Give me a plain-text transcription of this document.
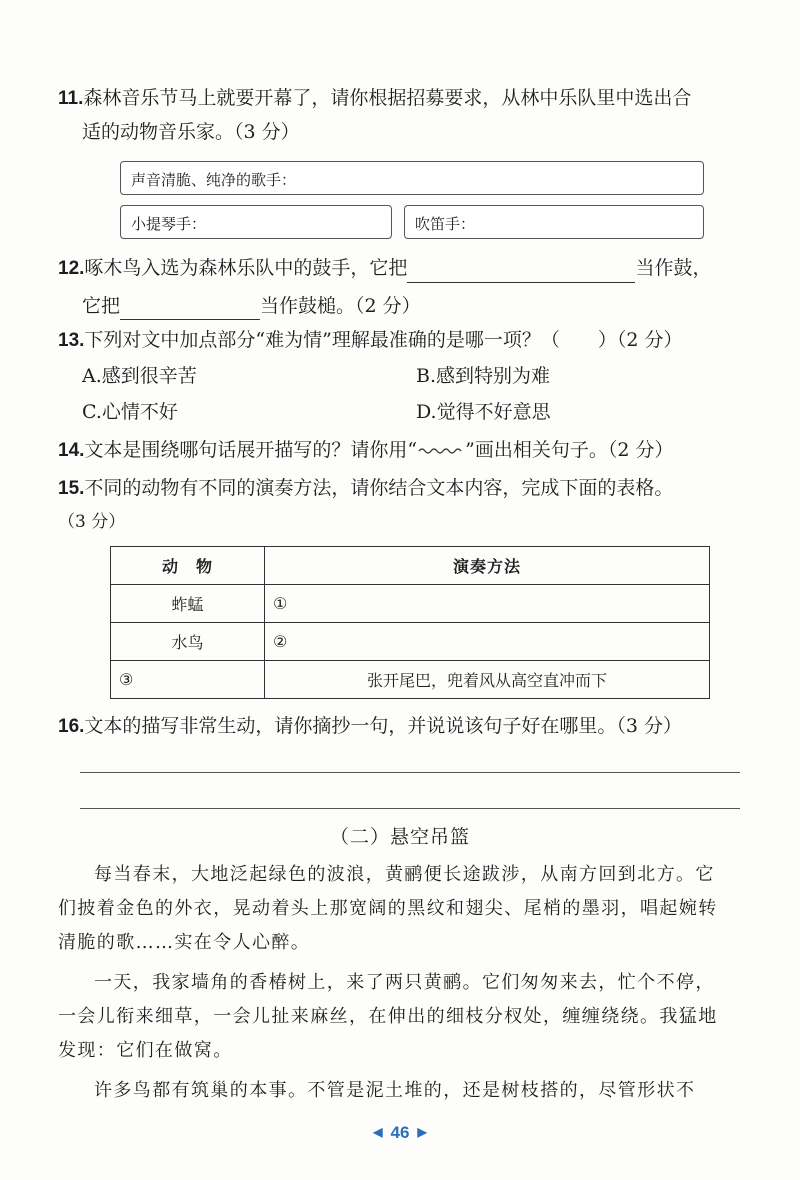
11.森林音乐节马上就要开幕了，请你根据招募要求，从林中乐队里中选出合
适的动物音乐家。（3 分）
声音清脆、纯净的歌手：
小提琴手：	吹笛手：
12.啄木鸟入选为森林乐队中的鼓手，它把	当作鼓，
它把	当作鼓槌。（2 分）
13.下列对文中加点部分“难为情”理解最准确的是哪一项？（　　）（2 分）
A.感到很辛苦	B.感到特别为难
C.心情不好	D.觉得不好意思
14.文本是围绕哪句话展开描写的？请你用“	”画出相关句子。（2 分）
15.不同的动物有不同的演奏方法，请你结合文本内容，完成下面的表格。
（3 分）
动　物	演奏方法
蚱蜢	①
水鸟	②
③	张开尾巴，兜着风从高空直冲而下
16.文本的描写非常生动，请你摘抄一句，并说说该句子好在哪里。（3 分）
（二）悬空吊篮

每当春末，大地泛起绿色的波浪，黄鹂便长途跋涉，从南方回到北方。它

们披着金色的外衣，晃动着头上那宽阔的黑纹和翅尖、尾梢的墨羽，唱起婉转

清脆的歌……实在令人心醉。

一天，我家墙角的香椿树上，来了两只黄鹂。它们匆匆来去，忙个不停，

一会儿衔来细草，一会儿扯来麻丝，在伸出的细枝分杈处，缠缠绕绕。我猛地

发现：它们在做窝。

许多鸟都有筑巢的本事。不管是泥土堆的，还是树枝搭的，尽管形状不

◀ 46 ▶
